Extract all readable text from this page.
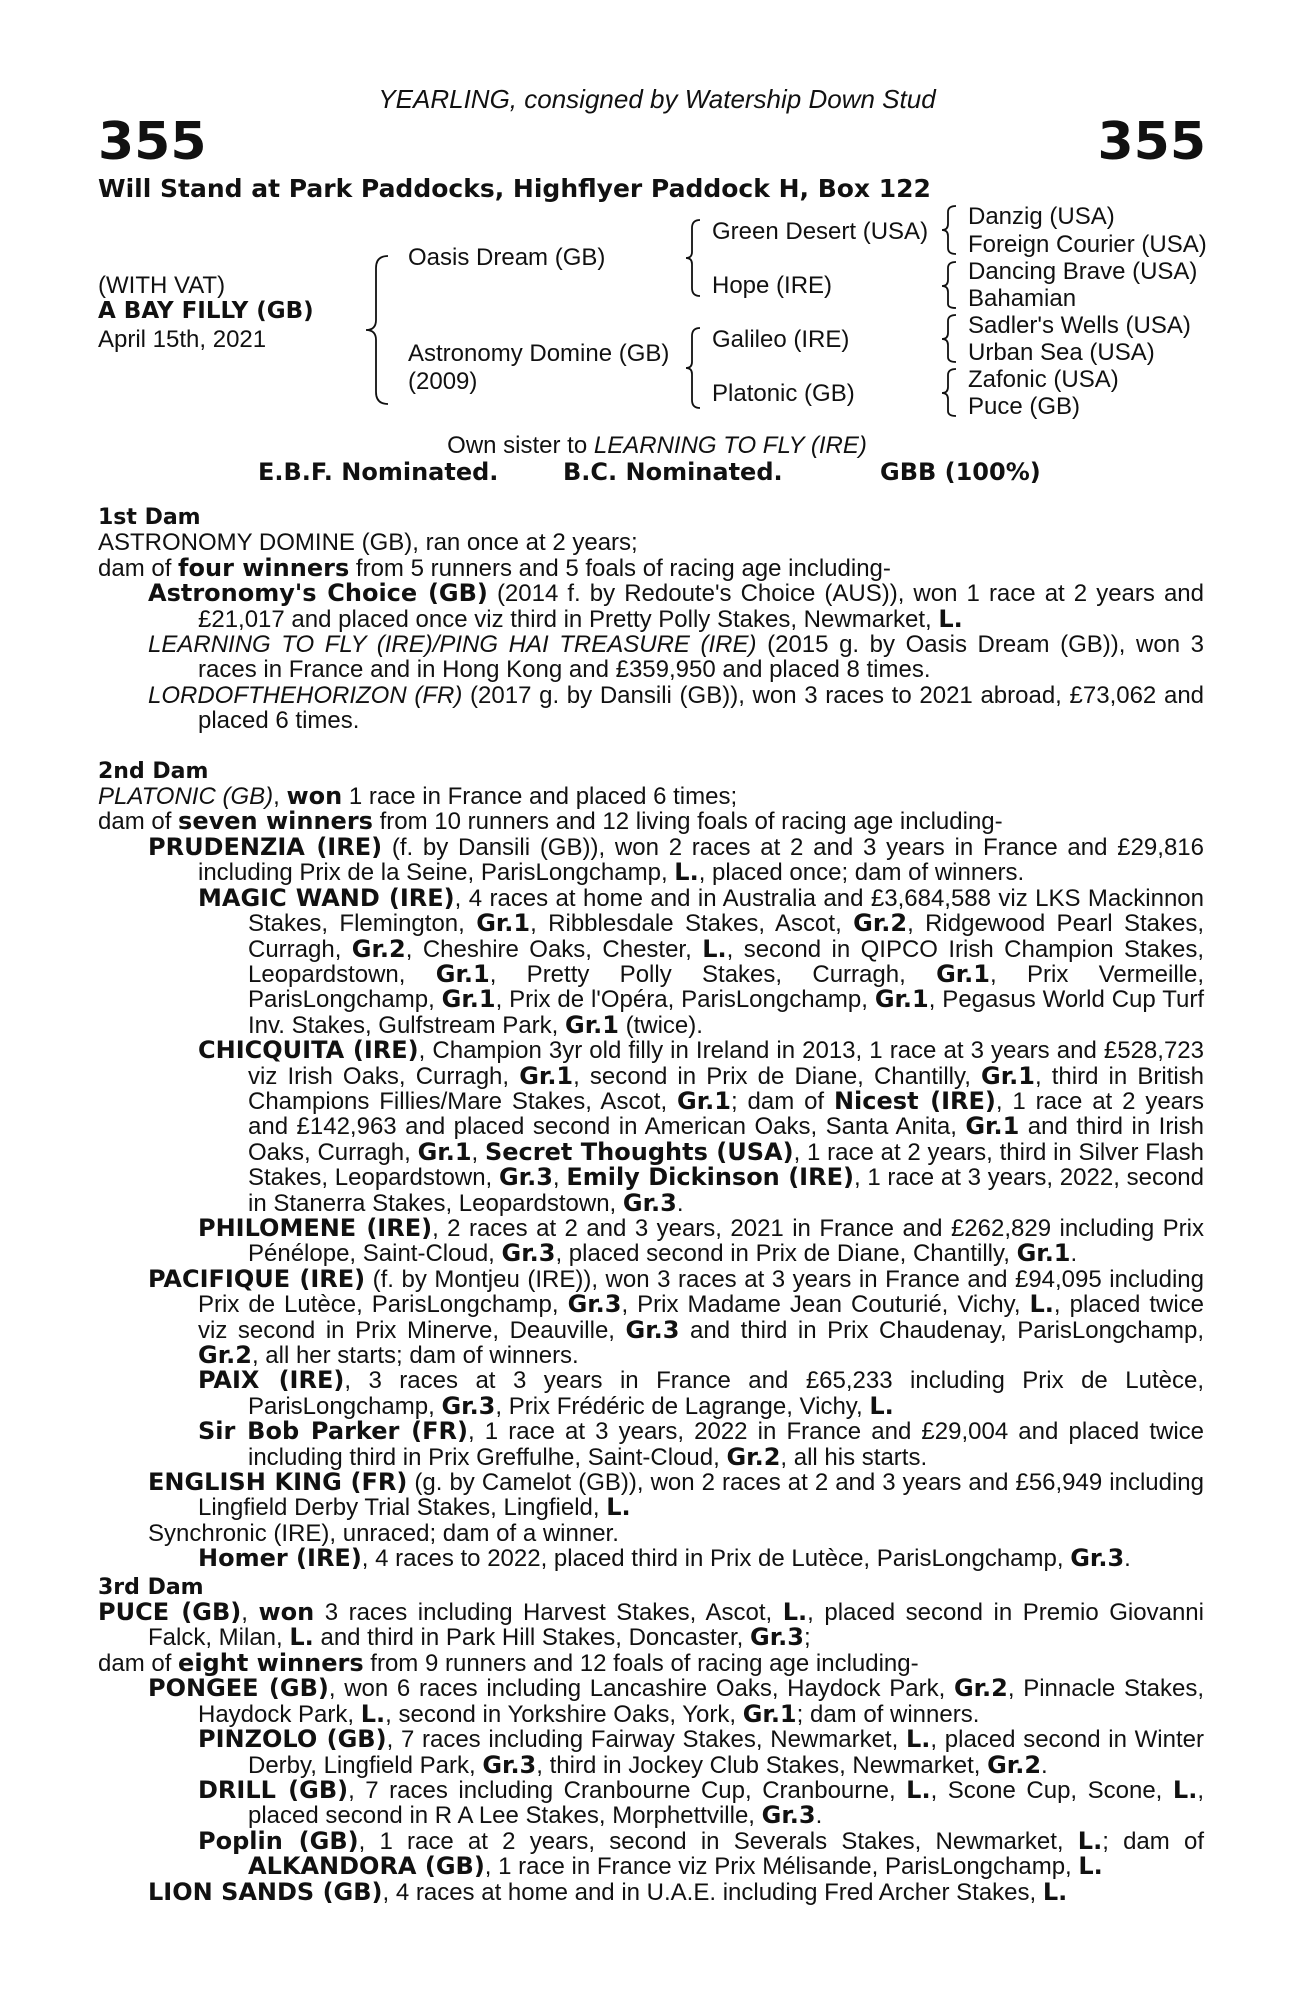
YEARLING, consigned by Watership Down Stud
355	355
Will Stand at Park Paddocks, Highflyer Paddock H, Box 122
(WITH VAT)
A BAY FILLY (GB)
April 15th, 2021
Oasis Dream (GB)
Astronomy Domine (GB)
(2009)
Green Desert (USA)
Hope (IRE)
Galileo (IRE)
Platonic (GB)
Danzig (USA)
Foreign Courier (USA)
Dancing Brave (USA)
Bahamian
Sadler's Wells (USA)
Urban Sea (USA)
Zafonic (USA)
Puce (GB)
Own sister to LEARNING TO FLY (IRE)
E.B.F. Nominated.	B.C. Nominated.	GBB (100%)
1st Dam
ASTRONOMY DOMINE (GB), ran once at 2 years;
dam of four winners from 5 runners and 5 foals of racing age including-
Astronomy's Choice (GB) (2014 f. by Redoute's Choice (AUS)), won 1 race at 2 years and £21,017 and placed once viz third in Pretty Polly Stakes, Newmarket, L.
LEARNING TO FLY (IRE)/PING HAI TREASURE (IRE) (2015 g. by Oasis Dream (GB)), won 3 races in France and in Hong Kong and £359,950 and placed 8 times.
LORDOFTHEHORIZON (FR) (2017 g. by Dansili (GB)), won 3 races to 2021 abroad, £73,062 and placed 6 times.
2nd Dam
PLATONIC (GB), won 1 race in France and placed 6 times;
dam of seven winners from 10 runners and 12 living foals of racing age including-
PRUDENZIA (IRE) (f. by Dansili (GB)), won 2 races at 2 and 3 years in France and £29,816 including Prix de la Seine, ParisLongchamp, L., placed once; dam of winners.
MAGIC WAND (IRE), 4 races at home and in Australia and £3,684,588 viz LKS Mackinnon Stakes, Flemington, Gr.1, Ribblesdale Stakes, Ascot, Gr.2, Ridgewood Pearl Stakes, Curragh, Gr.2, Cheshire Oaks, Chester, L., second in QIPCO Irish Champion Stakes, Leopardstown, Gr.1, Pretty Polly Stakes, Curragh, Gr.1, Prix Vermeille, ParisLongchamp, Gr.1, Prix de l'Opéra, ParisLongchamp, Gr.1, Pegasus World Cup Turf Inv. Stakes, Gulfstream Park, Gr.1 (twice).
CHICQUITA (IRE), Champion 3yr old filly in Ireland in 2013, 1 race at 3 years and £528,723 viz Irish Oaks, Curragh, Gr.1, second in Prix de Diane, Chantilly, Gr.1, third in British Champions Fillies/Mare Stakes, Ascot, Gr.1; dam of Nicest (IRE), 1 race at 2 years and £142,963 and placed second in American Oaks, Santa Anita, Gr.1 and third in Irish Oaks, Curragh, Gr.1, Secret Thoughts (USA), 1 race at 2 years, third in Silver Flash Stakes, Leopardstown, Gr.3, Emily Dickinson (IRE), 1 race at 3 years, 2022, second in Stanerra Stakes, Leopardstown, Gr.3.
PHILOMENE (IRE), 2 races at 2 and 3 years, 2021 in France and £262,829 including Prix Pénélope, Saint-Cloud, Gr.3, placed second in Prix de Diane, Chantilly, Gr.1.
PACIFIQUE (IRE) (f. by Montjeu (IRE)), won 3 races at 3 years in France and £94,095 including Prix de Lutèce, ParisLongchamp, Gr.3, Prix Madame Jean Couturié, Vichy, L., placed twice viz second in Prix Minerve, Deauville, Gr.3 and third in Prix Chaudenay, ParisLongchamp, Gr.2, all her starts; dam of winners.
PAIX (IRE), 3 races at 3 years in France and £65,233 including Prix de Lutèce, ParisLongchamp, Gr.3, Prix Frédéric de Lagrange, Vichy, L.
Sir Bob Parker (FR), 1 race at 3 years, 2022 in France and £29,004 and placed twice including third in Prix Greffulhe, Saint-Cloud, Gr.2, all his starts.
ENGLISH KING (FR) (g. by Camelot (GB)), won 2 races at 2 and 3 years and £56,949 including Lingfield Derby Trial Stakes, Lingfield, L.
Synchronic (IRE), unraced; dam of a winner.
Homer (IRE), 4 races to 2022, placed third in Prix de Lutèce, ParisLongchamp, Gr.3.
3rd Dam
PUCE (GB), won 3 races including Harvest Stakes, Ascot, L., placed second in Premio Giovanni Falck, Milan, L. and third in Park Hill Stakes, Doncaster, Gr.3;
dam of eight winners from 9 runners and 12 foals of racing age including-
PONGEE (GB), won 6 races including Lancashire Oaks, Haydock Park, Gr.2, Pinnacle Stakes, Haydock Park, L., second in Yorkshire Oaks, York, Gr.1; dam of winners.
PINZOLO (GB), 7 races including Fairway Stakes, Newmarket, L., placed second in Winter Derby, Lingfield Park, Gr.3, third in Jockey Club Stakes, Newmarket, Gr.2.
DRILL (GB), 7 races including Cranbourne Cup, Cranbourne, L., Scone Cup, Scone, L., placed second in R A Lee Stakes, Morphettville, Gr.3.
Poplin (GB), 1 race at 2 years, second in Severals Stakes, Newmarket, L.; dam of ALKANDORA (GB), 1 race in France viz Prix Mélisande, ParisLongchamp, L.
LION SANDS (GB), 4 races at home and in U.A.E. including Fred Archer Stakes, L.
